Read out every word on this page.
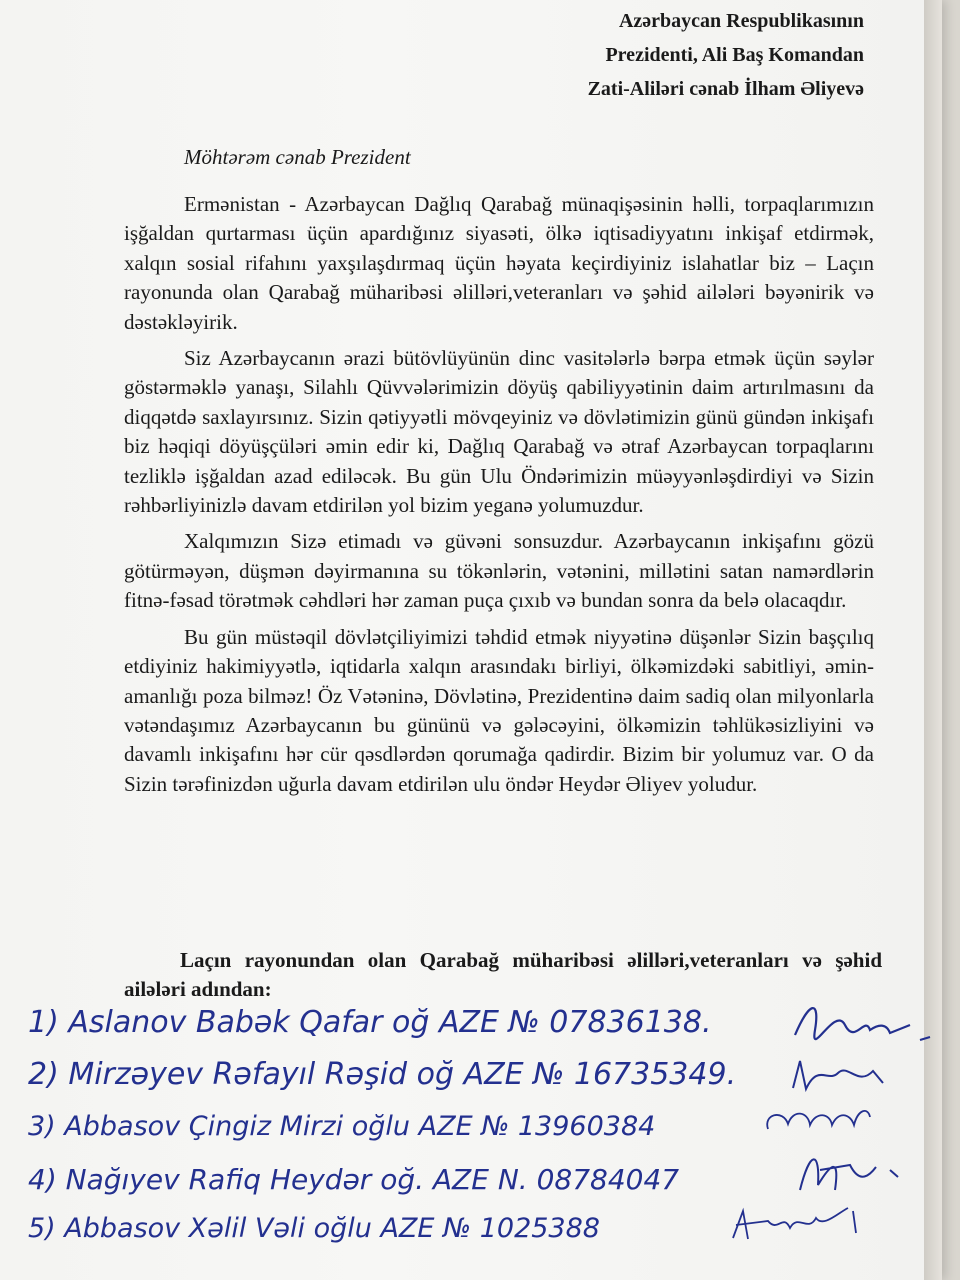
Azərbaycan Respublikasının
Prezidenti, Ali Baş Komandan
Zati-Aliləri cənab İlham Əliyevə
Möhtərəm cənab Prezident

Ermənistan - Azərbaycan Dağlıq Qarabağ münaqişəsinin həlli, torpaqlarımızın işğaldan qurtarması üçün apardığınız siyasəti, ölkə iqtisadiyyatını inkişaf etdirmək, xalqın sosial rifahını yaxşılaşdırmaq üçün həyata keçirdiyiniz islahatlar biz – Laçın rayonunda olan Qarabağ müharibəsi əlilləri,veteranları və şəhid ailələri bəyənirik və dəstəkləyirik.

Siz Azərbaycanın ərazi bütövlüyünün dinc vasitələrlə bərpa etmək üçün səylər göstərməklə yanaşı, Silahlı Qüvvələrimizin döyüş qabiliyyətinin daim artırılmasını da diqqətdə saxlayırsınız. Sizin qətiyyətli mövqeyiniz və dövlətimizin günü gündən inkişafı biz həqiqi döyüşçüləri əmin edir ki, Dağlıq Qarabağ və ətraf Azərbaycan torpaqlarını tezliklə işğaldan azad ediləcək. Bu gün Ulu Öndərimizin müəyyənləşdirdiyi və Sizin rəhbərliyinizlə davam etdirilən yol bizim yeganə yolumuzdur.

Xalqımızın Sizə etimadı və güvəni sonsuzdur. Azərbaycanın inkişafını gözü götürməyən, düşmən dəyirmanına su tökənlərin, vətənini, millətini satan namərdlərin fitnə-fəsad törətmək cəhdləri hər zaman puça çıxıb və bundan sonra da belə olacaqdır.

Bu gün müstəqil dövlətçiliyimizi təhdid etmək niyyətinə düşənlər Sizin başçılıq etdiyiniz hakimiyyətlə, iqtidarla xalqın arasındakı birliyi, ölkəmizdəki sabitliyi, əmin-amanlığı poza bilməz! Öz Vətəninə, Dövlətinə, Prezidentinə daim sadiq olan milyonlarla vətəndaşımız Azərbaycanın bu gününü və gələcəyini, ölkəmizin təhlükəsizliyini və davamlı inkişafını hər cür qəsdlərdən qorumağa qadirdir. Bizim bir yolumuz var. O da Sizin tərəfinizdən uğurla davam etdirilən ulu öndər Heydər Əliyev yoludur.

Laçın rayonundan olan Qarabağ müharibəsi əlilləri,veteranları və şəhid ailələri adından:
1) Aslanov Babək Qafar oğ AZE № 07836138.
2) Mirzəyev Rəfayıl Rəşid oğ AZE № 16735349.
3) Abbasov Çingiz Mirzi oğlu AZE № 13960384
4) Nağıyev Rafiq Heydər oğ. AZE N. 08784047
5) Abbasov Xəlil Vəli oğlu AZE № 1025388
